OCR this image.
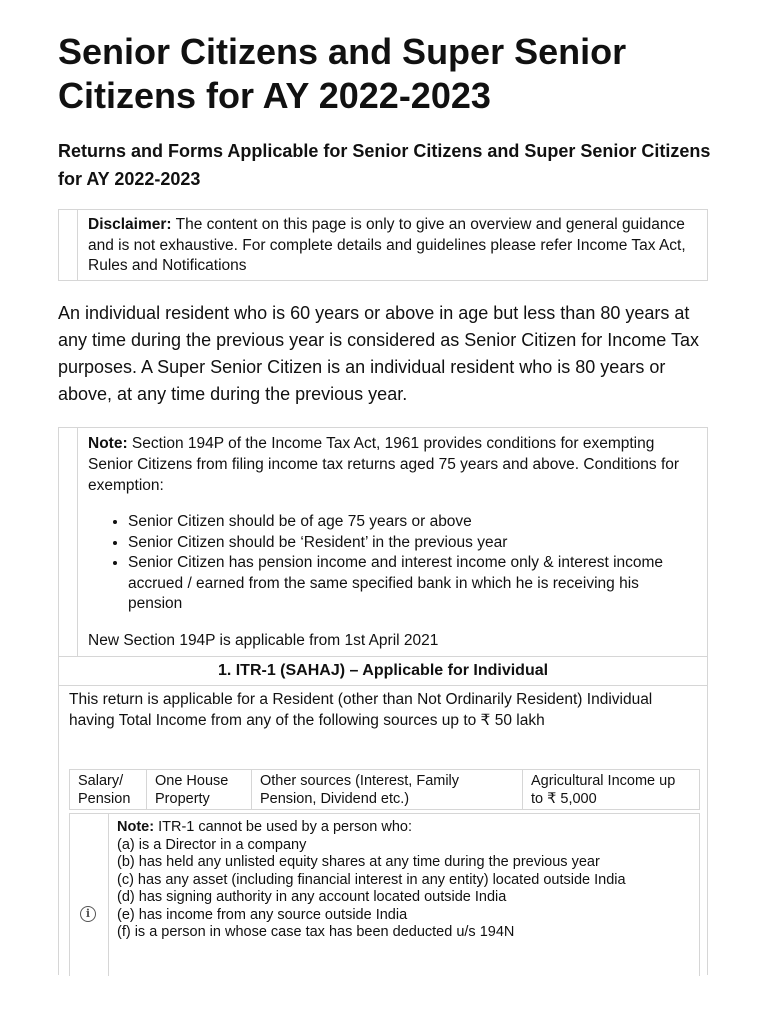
Senior Citizens and Super Senior Citizens for AY 2022-2023
Returns and Forms Applicable for Senior Citizens and Super Senior Citizens for AY 2022-2023

Disclaimer: The content on this page is only to give an overview and general guidance and is not exhaustive. For complete details and guidelines please refer Income Tax Act, Rules and Notifications

An individual resident who is 60 years or above in age but less than 80 years at any time during the previous year is considered as Senior Citizen for Income Tax purposes. A Super Senior Citizen is an individual resident who is 80 years or above, at any time during the previous year.

Note: Section 194P of the Income Tax Act, 1961 provides conditions for exempting Senior Citizens from filing income tax returns aged 75 years and above. Conditions for exemption:

• Senior Citizen should be of age 75 years or above
• Senior Citizen should be ‘Resident’ in the previous year
• Senior Citizen has pension income and interest income only & interest income accrued / earned from the same specified bank in which he is receiving his pension

New Section 194P is applicable from 1st April 2021

1. ITR-1 (SAHAJ) – Applicable for Individual

This return is applicable for a Resident (other than Not Ordinarily Resident) Individual having Total Income from any of the following sources up to ₹ 50 lakh

Salary/ Pension	One House Property	Other sources (Interest, Family Pension, Dividend etc.)	Agricultural Income up to ₹ 5,000
i
Note: ITR-1 cannot be used by a person who:
(a) is a Director in a company
(b) has held any unlisted equity shares at any time during the previous year
(c) has any asset (including financial interest in any entity) located outside India
(d) has signing authority in any account located outside India
(e) has income from any source outside India
(f) is a person in whose case tax has been deducted u/s 194N
